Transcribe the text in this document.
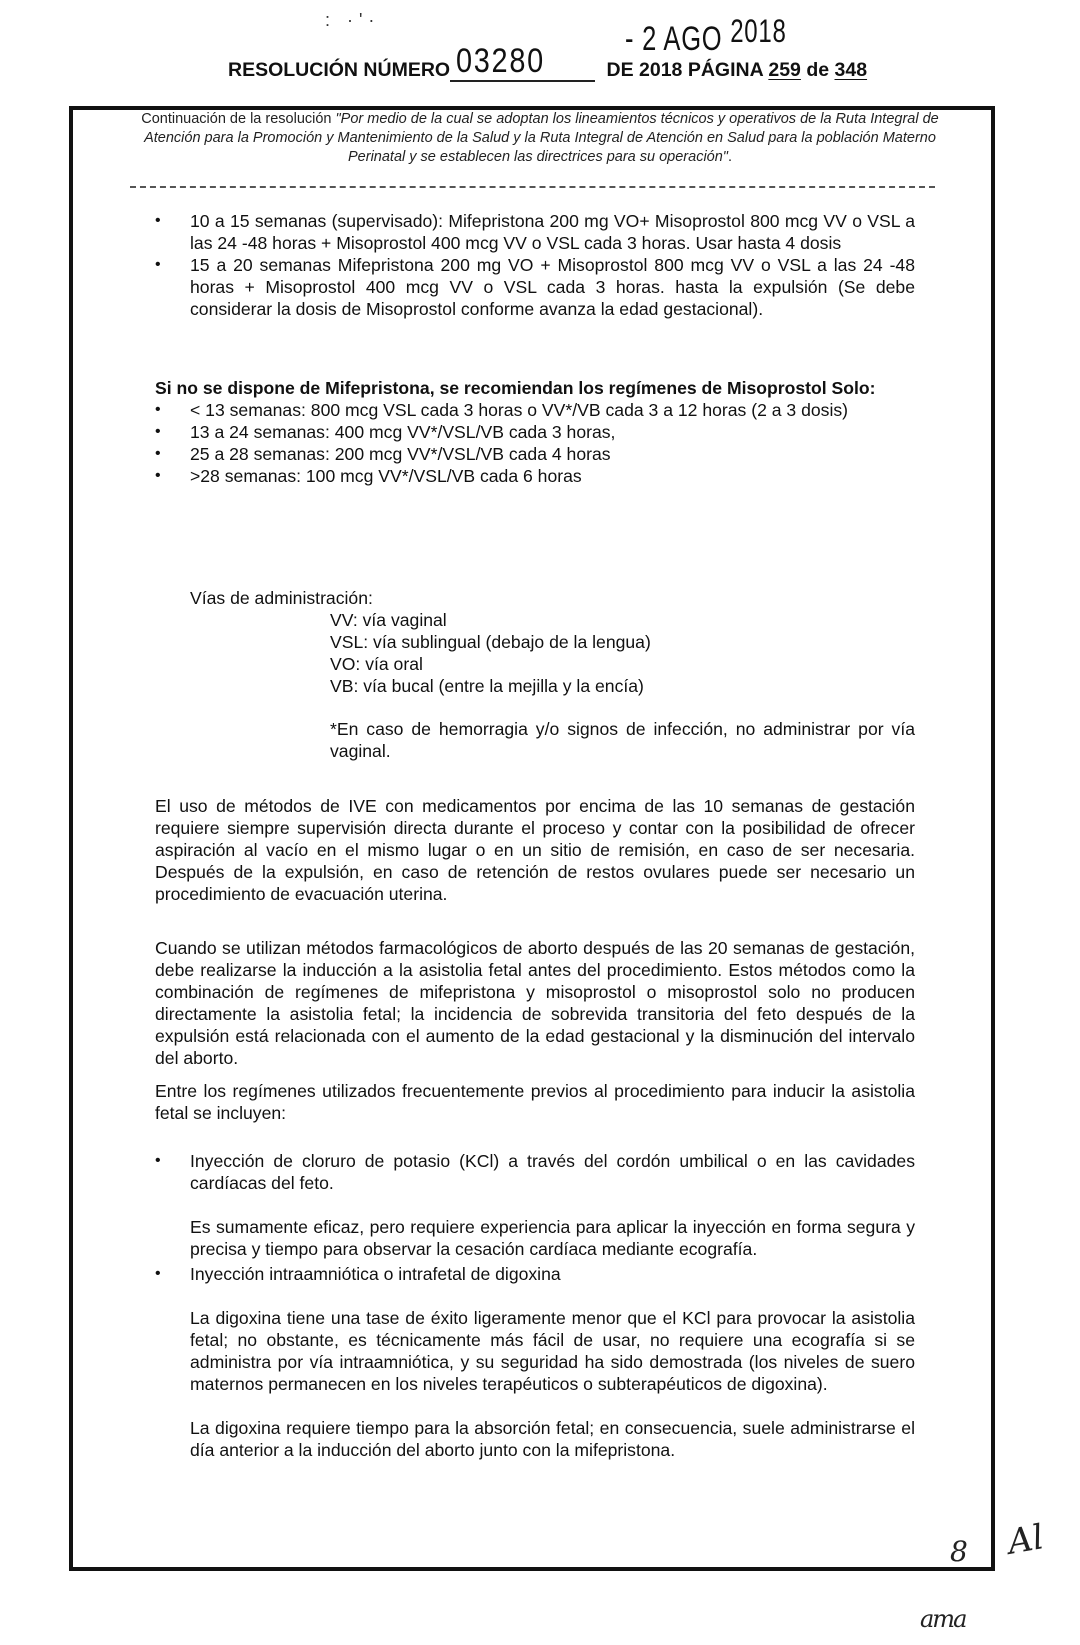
: ·'·	- 2 AGO 2018
RESOLUCIÓN NÚMERO 03280	DE 2018 PÁGINA 259 de 348
Continuación de la resolución "Por medio de la cual se adoptan los lineamientos técnicos y operativos de la Ruta Integral de Atención para la Promoción y Mantenimiento de la Salud y la Ruta Integral de Atención en Salud para la población Materno Perinatal y se establecen las directrices para su operación".
• 10 a 15 semanas (supervisado): Mifepristona 200 mg VO+ Misoprostol 800 mcg VV o VSL a las 24 -48 horas + Misoprostol 400 mcg VV o VSL cada 3 horas. Usar hasta 4 dosis
• 15 a 20 semanas Mifepristona 200 mg VO + Misoprostol 800 mcg VV o VSL a las 24 -48 horas + Misoprostol 400 mcg VV o VSL cada 3 horas. hasta la expulsión (Se debe considerar la dosis de Misoprostol conforme avanza la edad gestacional).

Si no se dispone de Mifepristona, se recomiendan los regímenes de Misoprostol Solo:

• < 13 semanas: 800 mcg VSL cada 3 horas o VV*/VB cada 3 a 12 horas (2 a 3 dosis)
• 13 a 24 semanas: 400 mcg VV*/VSL/VB cada 3 horas,
• 25 a 28 semanas: 200 mcg VV*/VSL/VB cada 4 horas
• >28 semanas: 100 mcg VV*/VSL/VB cada 6 horas
Vías de administración:
VV: vía vaginal
VSL: vía sublingual (debajo de la lengua)
VO: vía oral
VB: vía bucal (entre la mejilla y la encía)

*En caso de hemorragia y/o signos de infección, no administrar por vía vaginal.

El uso de métodos de IVE con medicamentos por encima de las 10 semanas de gestación requiere siempre supervisión directa durante el proceso y contar con la posibilidad de ofrecer aspiración al vacío en el mismo lugar o en un sitio de remisión, en caso de ser necesaria. Después de la expulsión, en caso de retención de restos ovulares puede ser necesario un procedimiento de evacuación uterina.

Cuando se utilizan métodos farmacológicos de aborto después de las 20 semanas de gestación, debe realizarse la inducción a la asistolia fetal antes del procedimiento. Estos métodos como la combinación de regímenes de mifepristona y misoprostol o misoprostol solo no producen directamente la asistolia fetal; la incidencia de sobrevida transitoria del feto después de la expulsión está relacionada con el aumento de la edad gestacional y la disminución del intervalo del aborto.

Entre los regímenes utilizados frecuentemente previos al procedimiento para inducir la asistolia fetal se incluyen:

• Inyección de cloruro de potasio (KCl) a través del cordón umbilical o en las cavidades cardíacas del feto.

Es sumamente eficaz, pero requiere experiencia para aplicar la inyección en forma segura y precisa y tiempo para observar la cesación cardíaca mediante ecografía.

• Inyección intraamniótica o intrafetal de digoxina

La digoxina tiene una tase de éxito ligeramente menor que el KCl para provocar la asistolia fetal; no obstante, es técnicamente más fácil de usar, no requiere una ecografía si se administra por vía intraamniótica, y su seguridad ha sido demostrada (los niveles de suero maternos permanecen en los niveles terapéuticos o subterapéuticos de digoxina).

La digoxina requiere tiempo para la absorción fetal; en consecuencia, suele administrarse el día anterior a la inducción del aborto junto con la mifepristona.

8 Al
ama
